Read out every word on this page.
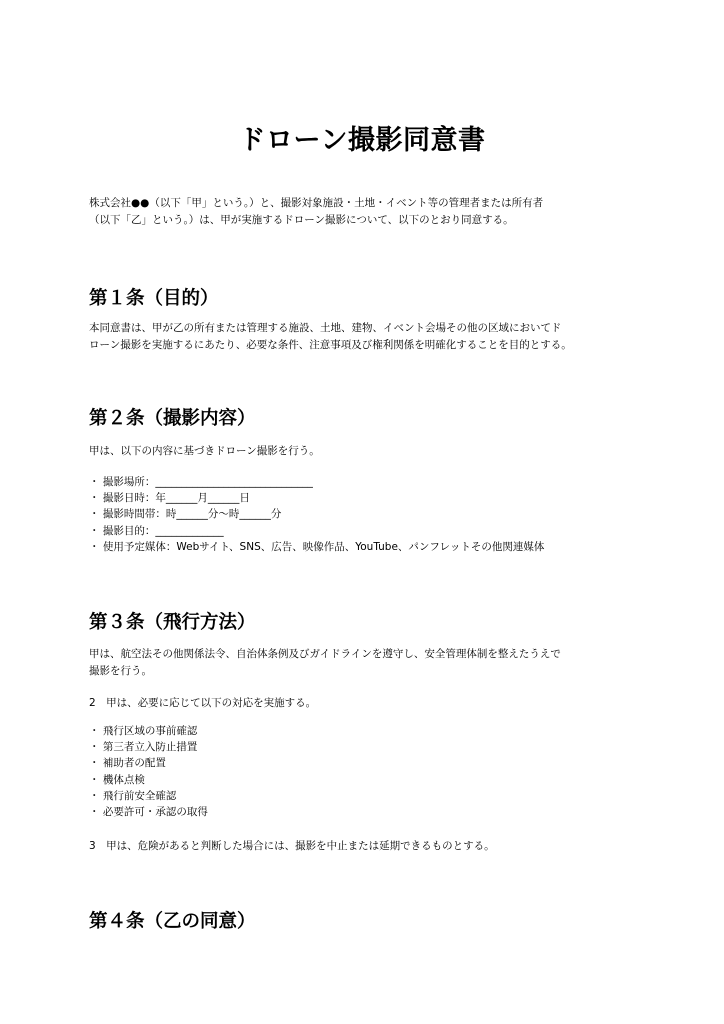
ドローン撮影同意書
株式会社●●（以下「甲」という。）と、撮影対象施設・土地・イベント等の管理者または所有者
（以下「乙」という。）は、甲が実施するドローン撮影について、以下のとおり同意する。
第１条（目的）
本同意書は、甲が乙の所有または管理する施設、土地、建物、イベント会場その他の区域においてド
ローン撮影を実施するにあたり、必要な条件、注意事項及び権利関係を明確化することを目的とする。
第２条（撮影内容）
甲は、以下の内容に基づきドローン撮影を行う。
・ 撮影場所：______________________________
・ 撮影日時：年______月______日
・ 撮影時間帯：時______分〜時______分
・ 撮影目的：_____________
・ 使用予定媒体：Webサイト、SNS、広告、映像作品、YouTube、パンフレットその他関連媒体
第３条（飛行方法）
甲は、航空法その他関係法令、自治体条例及びガイドラインを遵守し、安全管理体制を整えたうえで
撮影を行う。
2　甲は、必要に応じて以下の対応を実施する。
・ 飛行区域の事前確認
・ 第三者立入防止措置
・ 補助者の配置
・ 機体点検
・ 飛行前安全確認
・ 必要許可・承認の取得
3　甲は、危険があると判断した場合には、撮影を中止または延期できるものとする。
第４条（乙の同意）
